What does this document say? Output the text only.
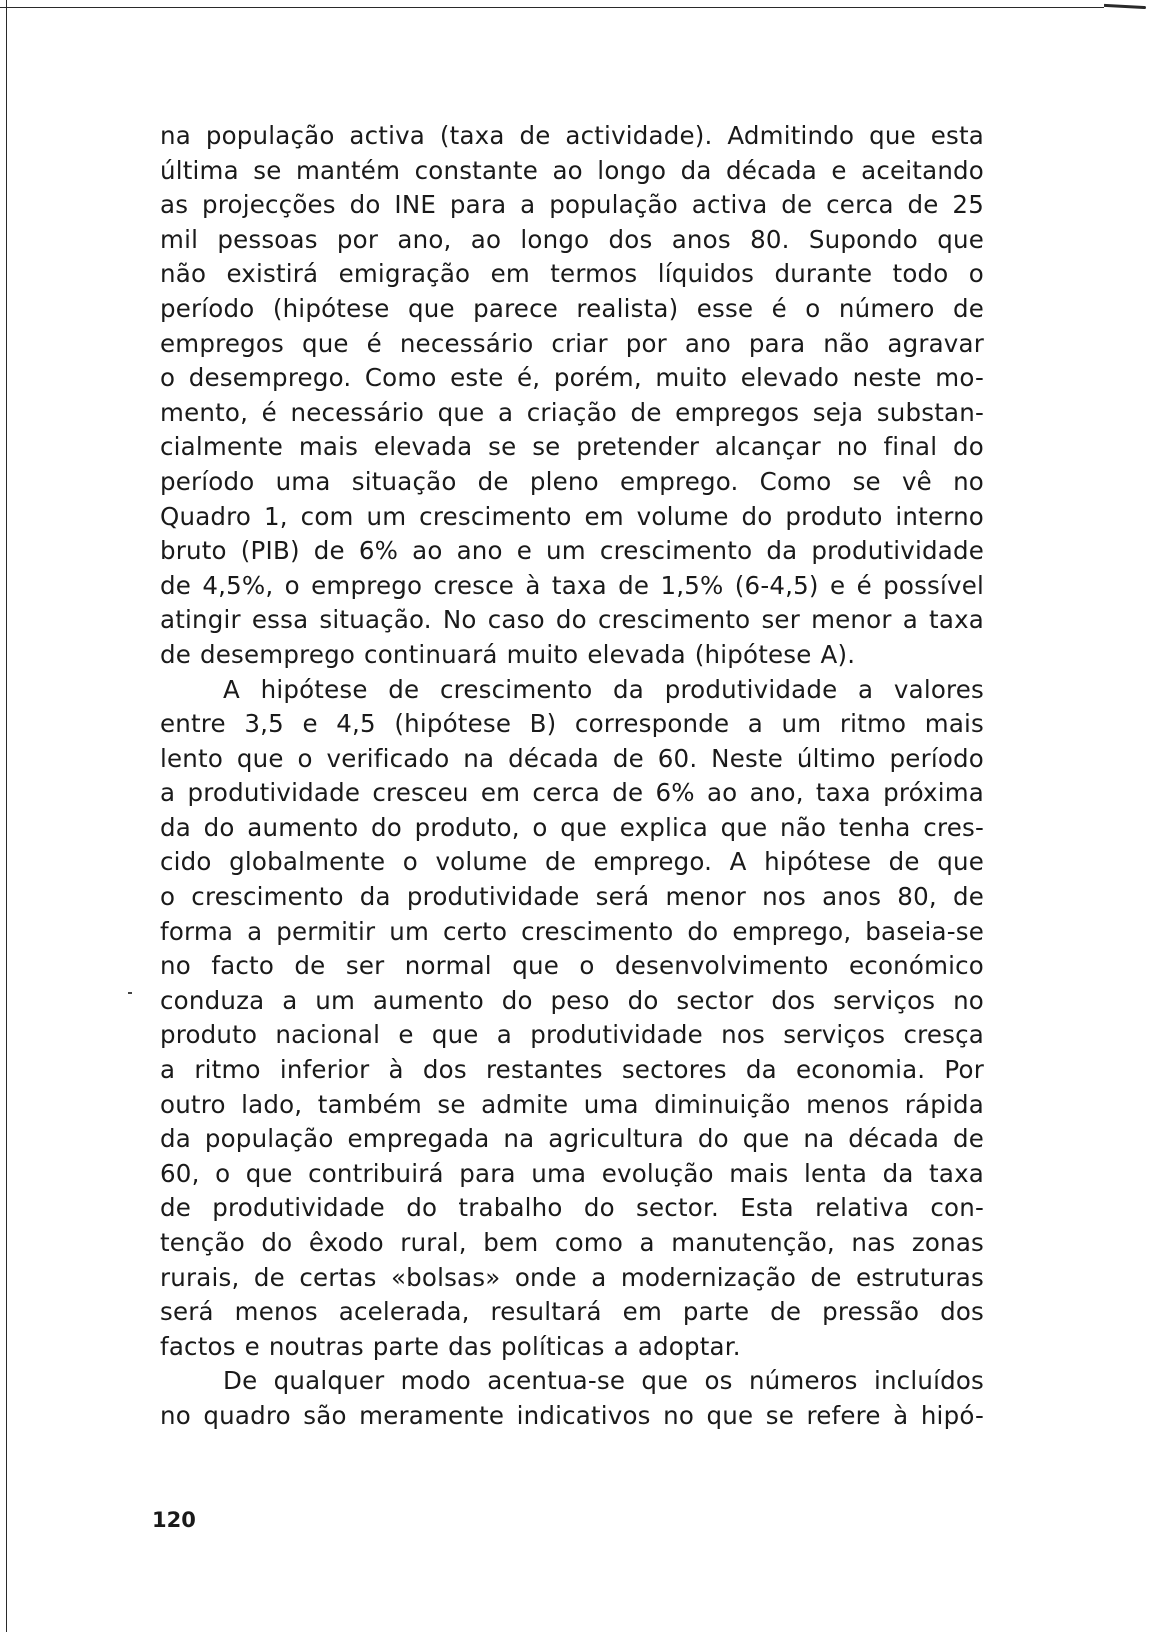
na população activa (taxa de actividade). Admitindo que esta
última se mantém constante ao longo da década e aceitando
as projecções do INE para a população activa de cerca de 25
mil pessoas por ano, ao longo dos anos 80. Supondo que
não existirá emigração em termos líquidos durante todo o
período (hipótese que parece realista) esse é o número de
empregos que é necessário criar por ano para não agravar
o desemprego. Como este é, porém, muito elevado neste mo-
mento, é necessário que a criação de empregos seja substan-
cialmente mais elevada se se pretender alcançar no final do
período uma situação de pleno emprego. Como se vê no
Quadro 1, com um crescimento em volume do produto interno
bruto (PIB) de 6% ao ano e um crescimento da produtividade
de 4,5%, o emprego cresce à taxa de 1,5% (6-4,5) e é possível
atingir essa situação. No caso do crescimento ser menor a taxa
de desemprego continuará muito elevada (hipótese A).
A hipótese de crescimento da produtividade a valores
entre 3,5 e 4,5 (hipótese B) corresponde a um ritmo mais
lento que o verificado na década de 60. Neste último período
a produtividade cresceu em cerca de 6% ao ano, taxa próxima
da do aumento do produto, o que explica que não tenha cres-
cido globalmente o volume de emprego. A hipótese de que
o crescimento da produtividade será menor nos anos 80, de
forma a permitir um certo crescimento do emprego, baseia-se
no facto de ser normal que o desenvolvimento económico
conduza a um aumento do peso do sector dos serviços no
produto nacional e que a produtividade nos serviços cresça
a ritmo inferior à dos restantes sectores da economia. Por
outro lado, também se admite uma diminuição menos rápida
da população empregada na agricultura do que na década de
60, o que contribuirá para uma evolução mais lenta da taxa
de produtividade do trabalho do sector. Esta relativa con-
tenção do êxodo rural, bem como a manutenção, nas zonas
rurais, de certas «bolsas» onde a modernização de estruturas
será menos acelerada, resultará em parte de pressão dos
factos e noutras parte das políticas a adoptar.
De qualquer modo acentua-se que os números incluídos
no quadro são meramente indicativos no que se refere à hipó-
120
